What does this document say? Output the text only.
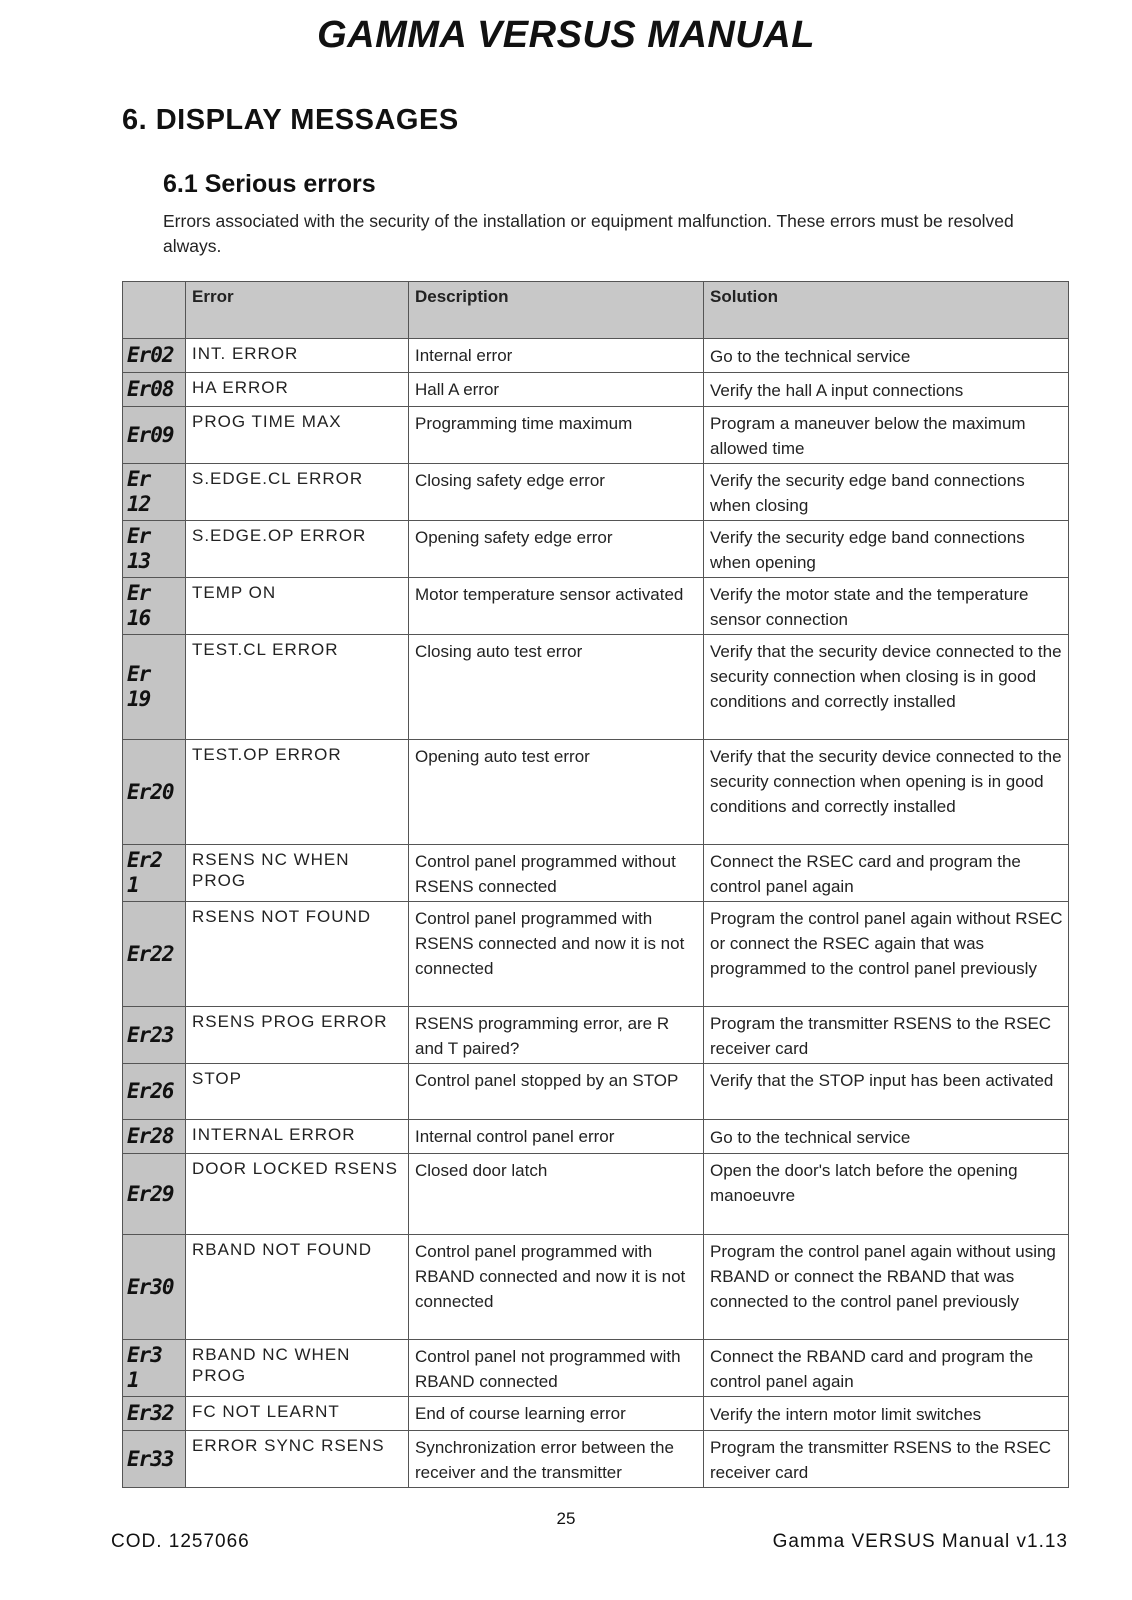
GAMMA VERSUS MANUAL
6. DISPLAY MESSAGES
6.1 Serious errors
Errors associated with the security of the installation or equipment malfunction. These errors must be resolved always.
	Error	Description	Solution
Er02	INT. ERROR	Internal error	Go to the technical service
Er08	HA ERROR	Hall A error	Verify the hall A input connections
Er09	PROG TIME MAX	Programming time maximum	Program a maneuver below the maximum allowed time
Er 12	S.EDGE.CL ERROR	Closing safety edge error	Verify the security edge band connections when closing
Er 13	S.EDGE.OP ERROR	Opening safety edge error	Verify the security edge band connections when opening
Er 16	TEMP ON	Motor temperature sensor activated	Verify the motor state and the temperature sensor connection
Er 19	TEST.CL ERROR	Closing auto test error	Verify that the security device connected to the security connection when closing is in good conditions and correctly installed
Er20	TEST.OP ERROR	Opening auto test error	Verify that the security device connected to the security connection when opening is in good conditions and correctly installed
Er2 1	RSENS NC WHEN PROG	Control panel programmed without RSENS connected	Connect the RSEC card and program the control panel again
Er22	RSENS NOT FOUND	Control panel programmed with RSENS connected and now it is not connected	Program the control panel again without RSEC or connect the RSEC again that was programmed to the control panel previously
Er23	RSENS PROG ERROR	RSENS programming error, are R and T paired?	Program the transmitter RSENS to the RSEC receiver card
Er26	STOP	Control panel stopped by an STOP	Verify that the STOP input has been activated
Er28	INTERNAL ERROR	Internal control panel error	Go to the technical service
Er29	DOOR LOCKED RSENS	Closed door latch	Open the door's latch before the opening manoeuvre
Er30	RBAND NOT FOUND	Control panel programmed with RBAND connected and now it is not connected	Program the control panel again without using RBAND or connect the RBAND that was connected to the control panel previously
Er3 1	RBAND NC WHEN PROG	Control panel not programmed with RBAND connected	Connect the RBAND card and program the control panel again
Er32	FC NOT LEARNT	End of course learning error	Verify the intern motor limit switches
Er33	ERROR SYNC RSENS	Synchronization error between the receiver and the transmitter	Program the transmitter RSENS to the RSEC receiver card
25
COD. 1257066	Gamma VERSUS Manual v1.13
